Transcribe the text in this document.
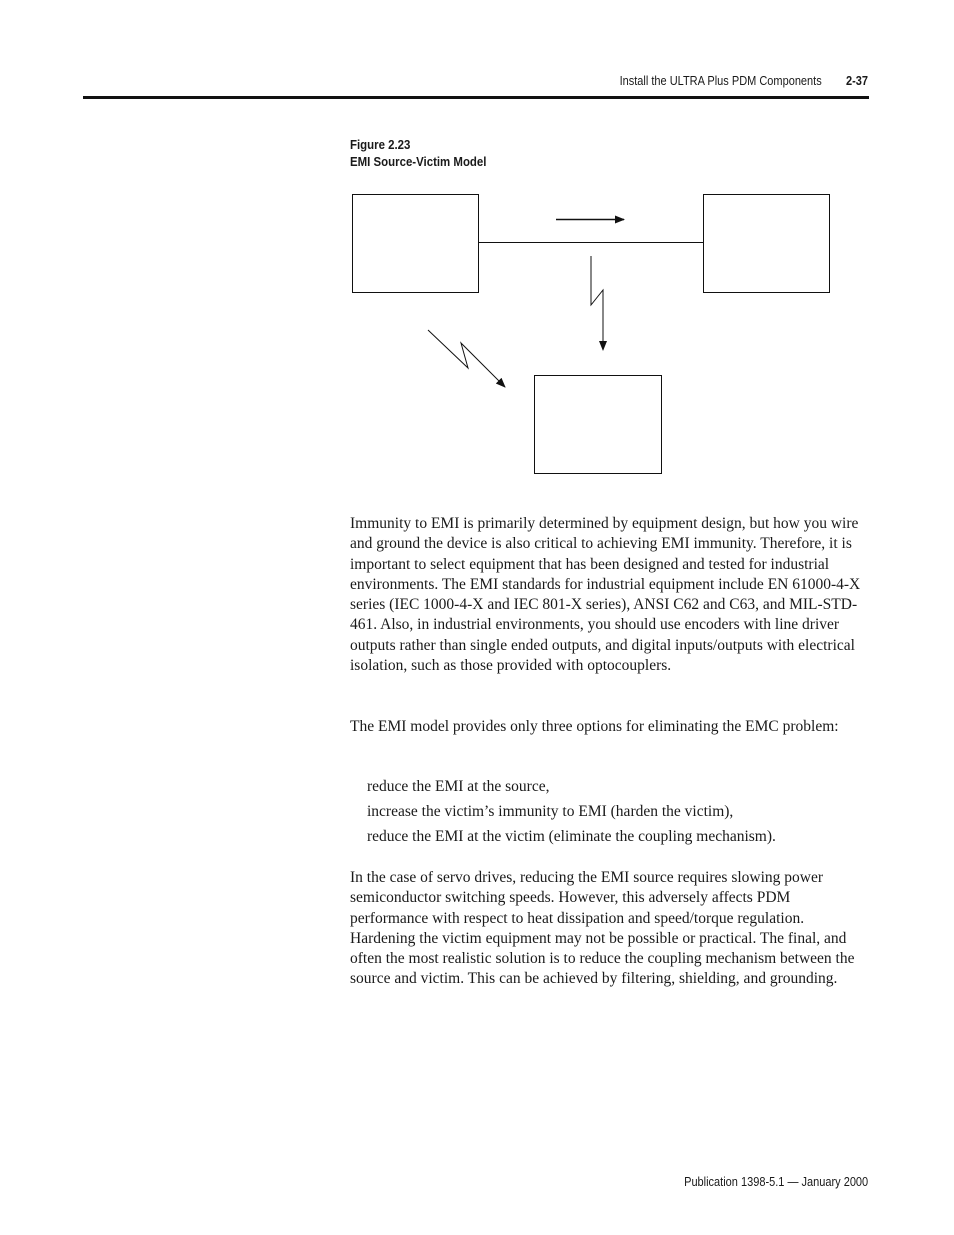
Install the ULTRA Plus PDM Components 2-37
Figure 2.23
EMI Source-Victim Model

Immunity to EMI is primarily determined by equipment design, but how you wire and ground the device is also critical to achieving EMI immunity. Therefore, it is important to select equipment that has been designed and tested for industrial environments. The EMI standards for industrial equipment include EN 61000-4-X series (IEC 1000-4-X and IEC 801-X series), ANSI C62 and C63, and MIL-STD-461. Also, in industrial environments, you should use encoders with line driver outputs rather than single ended outputs, and digital inputs/outputs with electrical isolation, such as those provided with optocouplers.

The EMI model provides only three options for eliminating the EMC problem:

reduce the EMI at the source,
increase the victim’s immunity to EMI (harden the victim),
reduce the EMI at the victim (eliminate the coupling mechanism).

In the case of servo drives, reducing the EMI source requires slowing power semiconductor switching speeds. However, this adversely affects PDM performance with respect to heat dissipation and speed/torque regulation. Hardening the victim equipment may not be possible or practical. The final, and often the most realistic solution is to reduce the coupling mechanism between the source and victim. This can be achieved by filtering, shielding, and grounding.

Publication 1398-5.1 — January 2000
